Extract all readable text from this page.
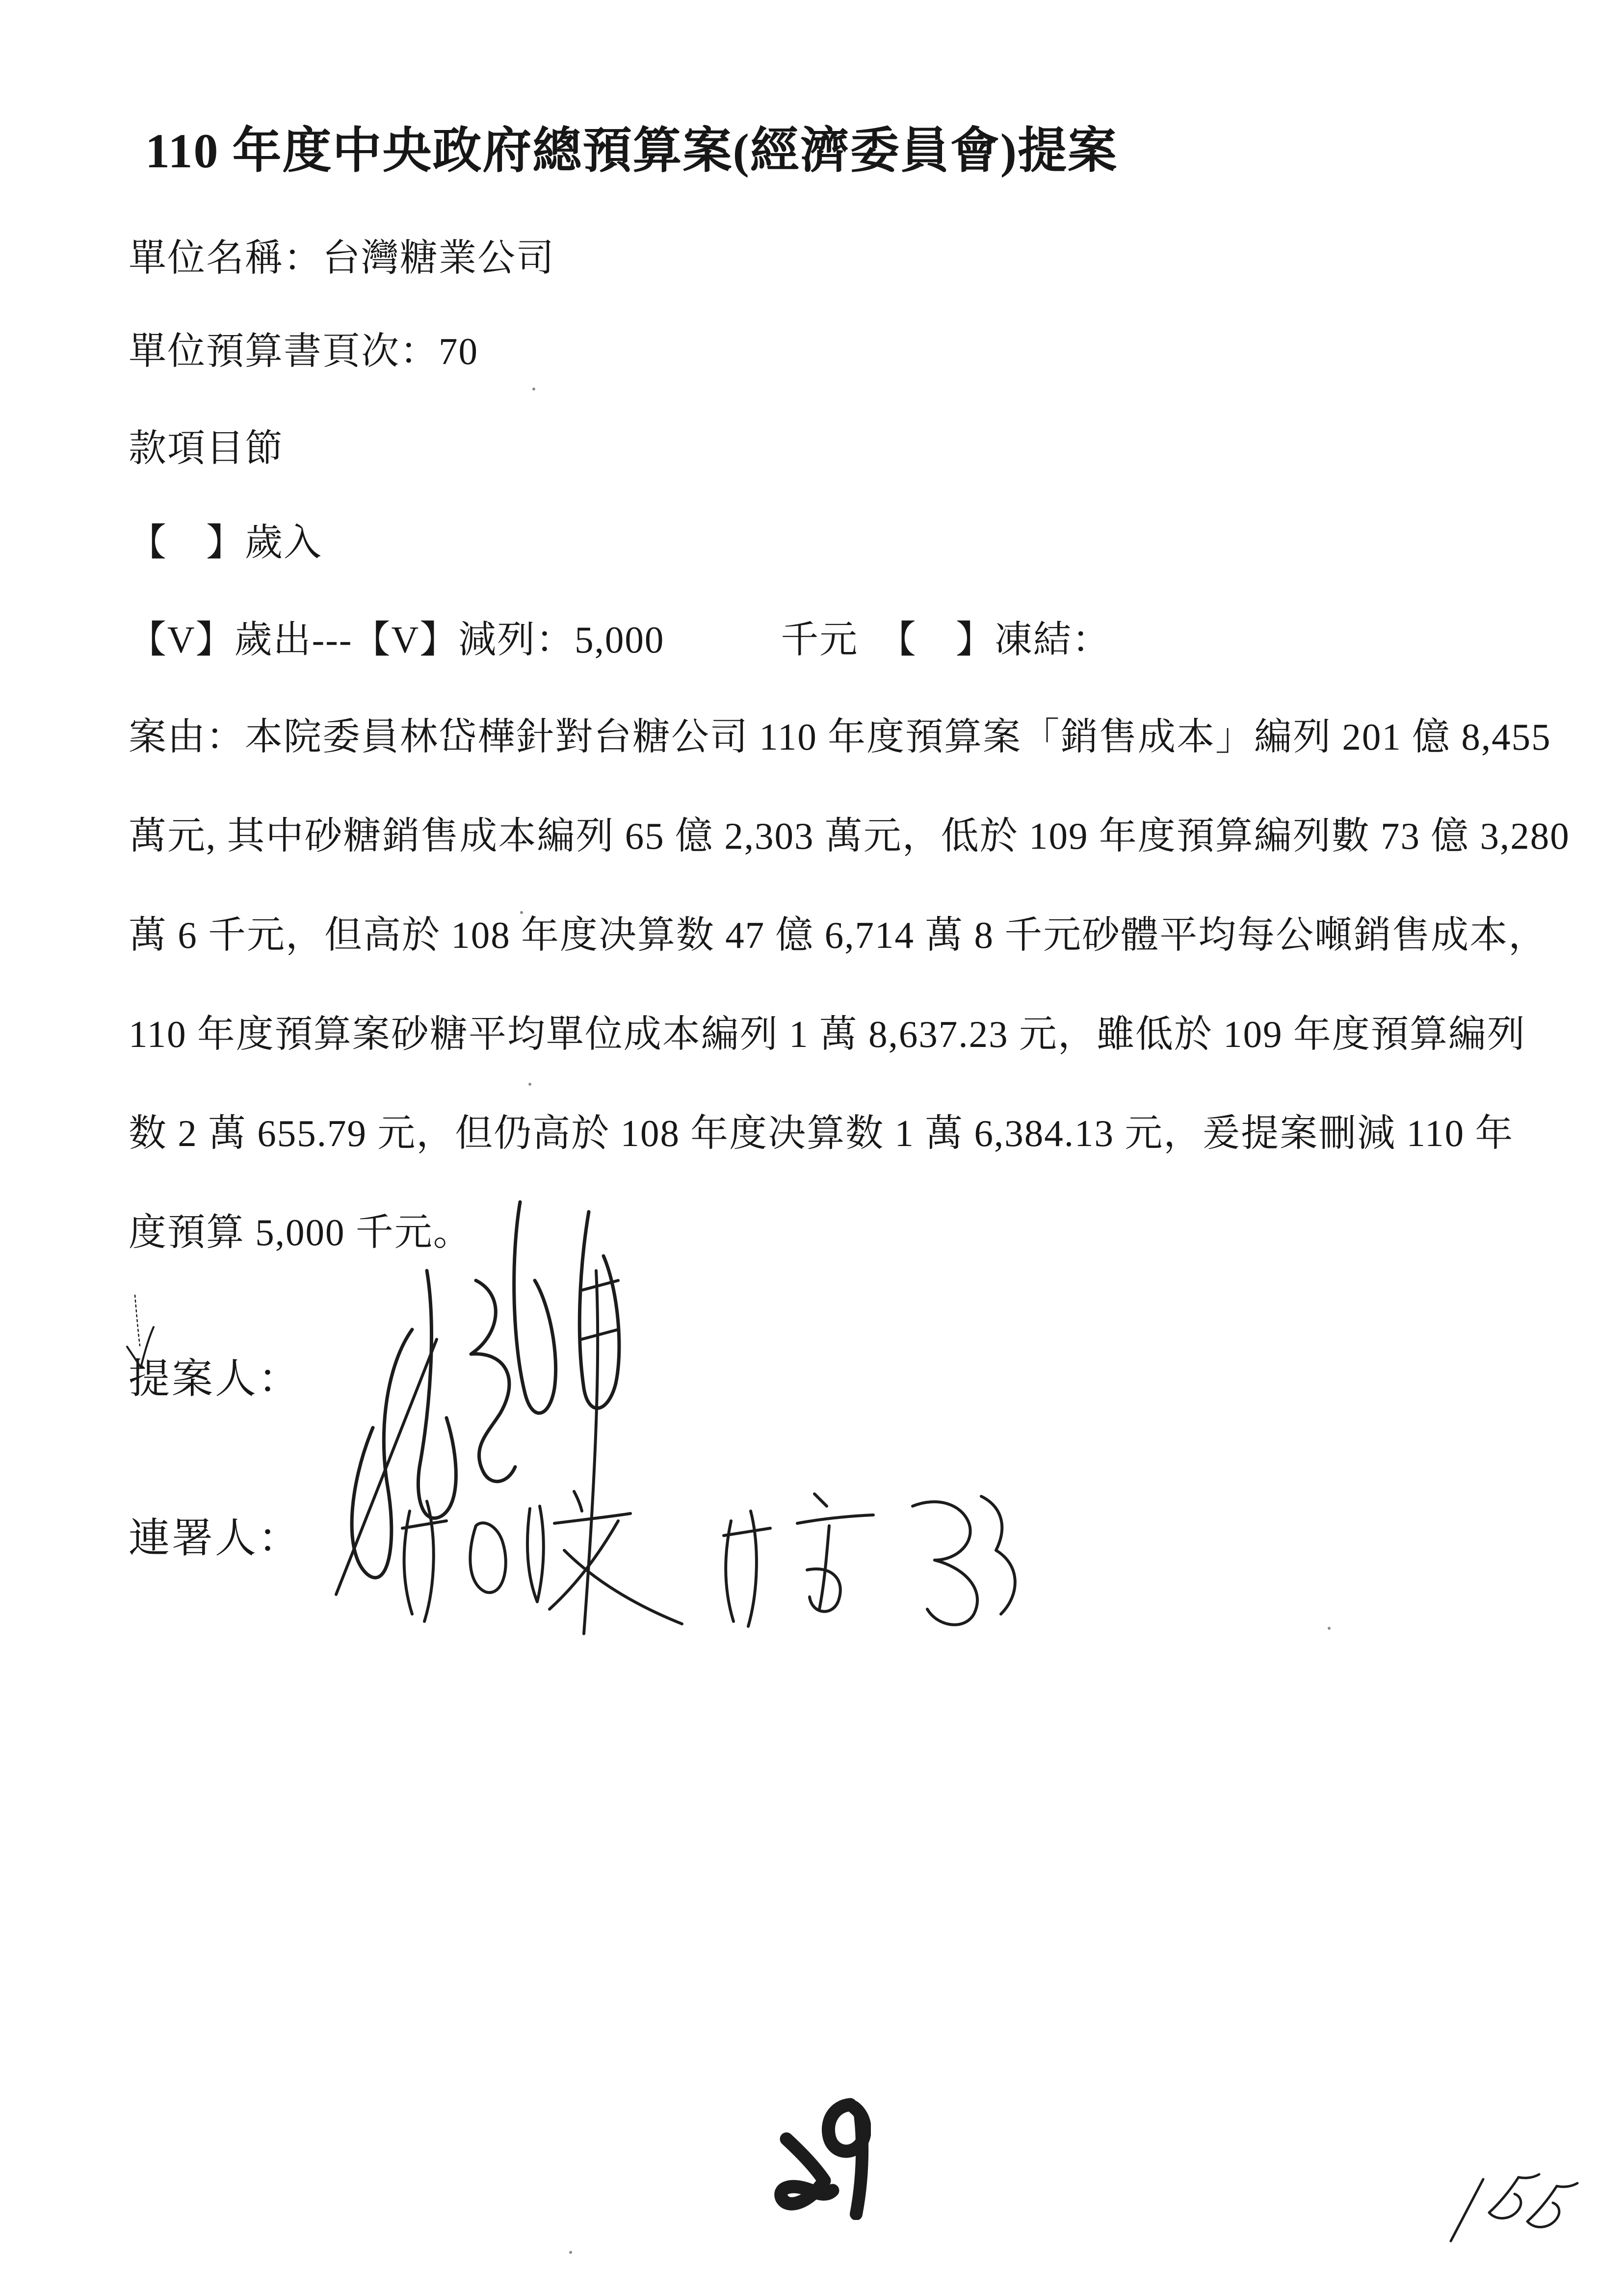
110 年度中央政府總預算案(經濟委員會)提案
單位名稱：台灣糖業公司
單位預算書頁次：70
款項目節
【　】歲入
【V】歲出---【V】減列：5,000　　　千元　【　】凍結：
案由：本院委員林岱樺針對台糖公司 110 年度預算案「銷售成本」編列 201 億 8,455
萬元, 其中砂糖銷售成本編列 65 億 2,303 萬元，低於 109 年度預算編列數 73 億 3,280
萬 6 千元，但高於 108 年度决算数 47 億 6,714 萬 8 千元砂體平均每公噸銷售成本，
110 年度預算案砂糖平均單位成本編列 1 萬 8,637.23 元，雖低於 109 年度預算編列
数 2 萬 655.79 元，但仍高於 108 年度决算数 1 萬 6,384.13 元，爰提案刪減 110 年
度預算 5,000 千元。
提案人：
連署人：
